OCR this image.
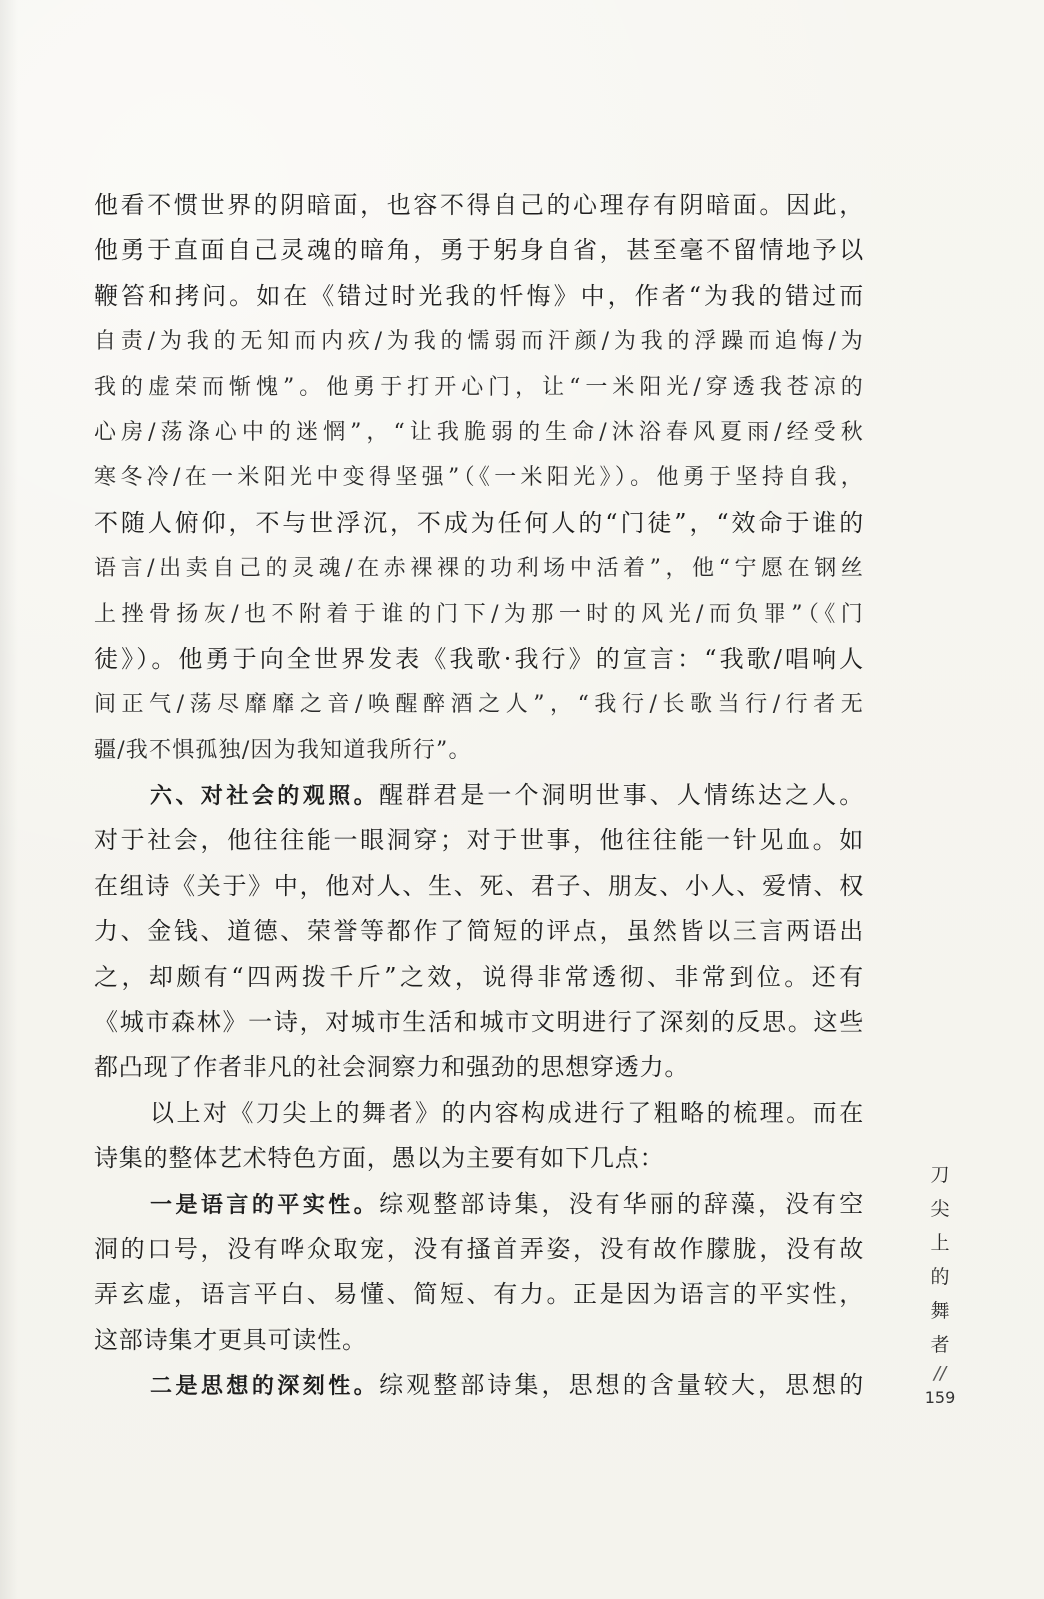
他看不惯世界的阴暗面，也容不得自己的心理存有阴暗面。因此，
他勇于直面自己灵魂的暗角，勇于躬身自省，甚至毫不留情地予以
鞭笞和拷问。如在《错过时光我的忏悔》中，作者“为我的错过而
自责/为我的无知而内疚/为我的懦弱而汗颜/为我的浮躁而追悔/为
我的虚荣而惭愧”。他勇于打开心门，让“一米阳光/穿透我苍凉的
心房/荡涤心中的迷惘”，“让我脆弱的生命/沐浴春风夏雨/经受秋
寒冬冷/在一米阳光中变得坚强”（《一米阳光》）。他勇于坚持自我，
不随人俯仰，不与世浮沉，不成为任何人的“门徒”，“效命于谁的
语言/出卖自己的灵魂/在赤裸裸的功利场中活着”，他“宁愿在钢丝
上挫骨扬灰/也不附着于谁的门下/为那一时的风光/而负罪”（《门
徒》）。他勇于向全世界发表《我歌·我行》的宣言：“我歌/唱响人
间正气/荡尽靡靡之音/唤醒醉酒之人”，“我行/长歌当行/行者无
疆/我不惧孤独/因为我知道我所行”。
六、对社会的观照。醒群君是一个洞明世事、人情练达之人。
对于社会，他往往能一眼洞穿；对于世事，他往往能一针见血。如
在组诗《关于》中，他对人、生、死、君子、朋友、小人、爱情、权
力、金钱、道德、荣誉等都作了简短的评点，虽然皆以三言两语出
之，却颇有“四两拨千斤”之效，说得非常透彻、非常到位。还有
《城市森林》一诗，对城市生活和城市文明进行了深刻的反思。这些
都凸现了作者非凡的社会洞察力和强劲的思想穿透力。
以上对《刀尖上的舞者》的内容构成进行了粗略的梳理。而在
诗集的整体艺术特色方面，愚以为主要有如下几点：
一是语言的平实性。综观整部诗集，没有华丽的辞藻，没有空
洞的口号，没有哗众取宠，没有搔首弄姿，没有故作朦胧，没有故
弄玄虚，语言平白、易懂、简短、有力。正是因为语言的平实性，
这部诗集才更具可读性。
二是思想的深刻性。综观整部诗集，思想的含量较大，思想的
刀
尖
上
的
舞
者
//
159
